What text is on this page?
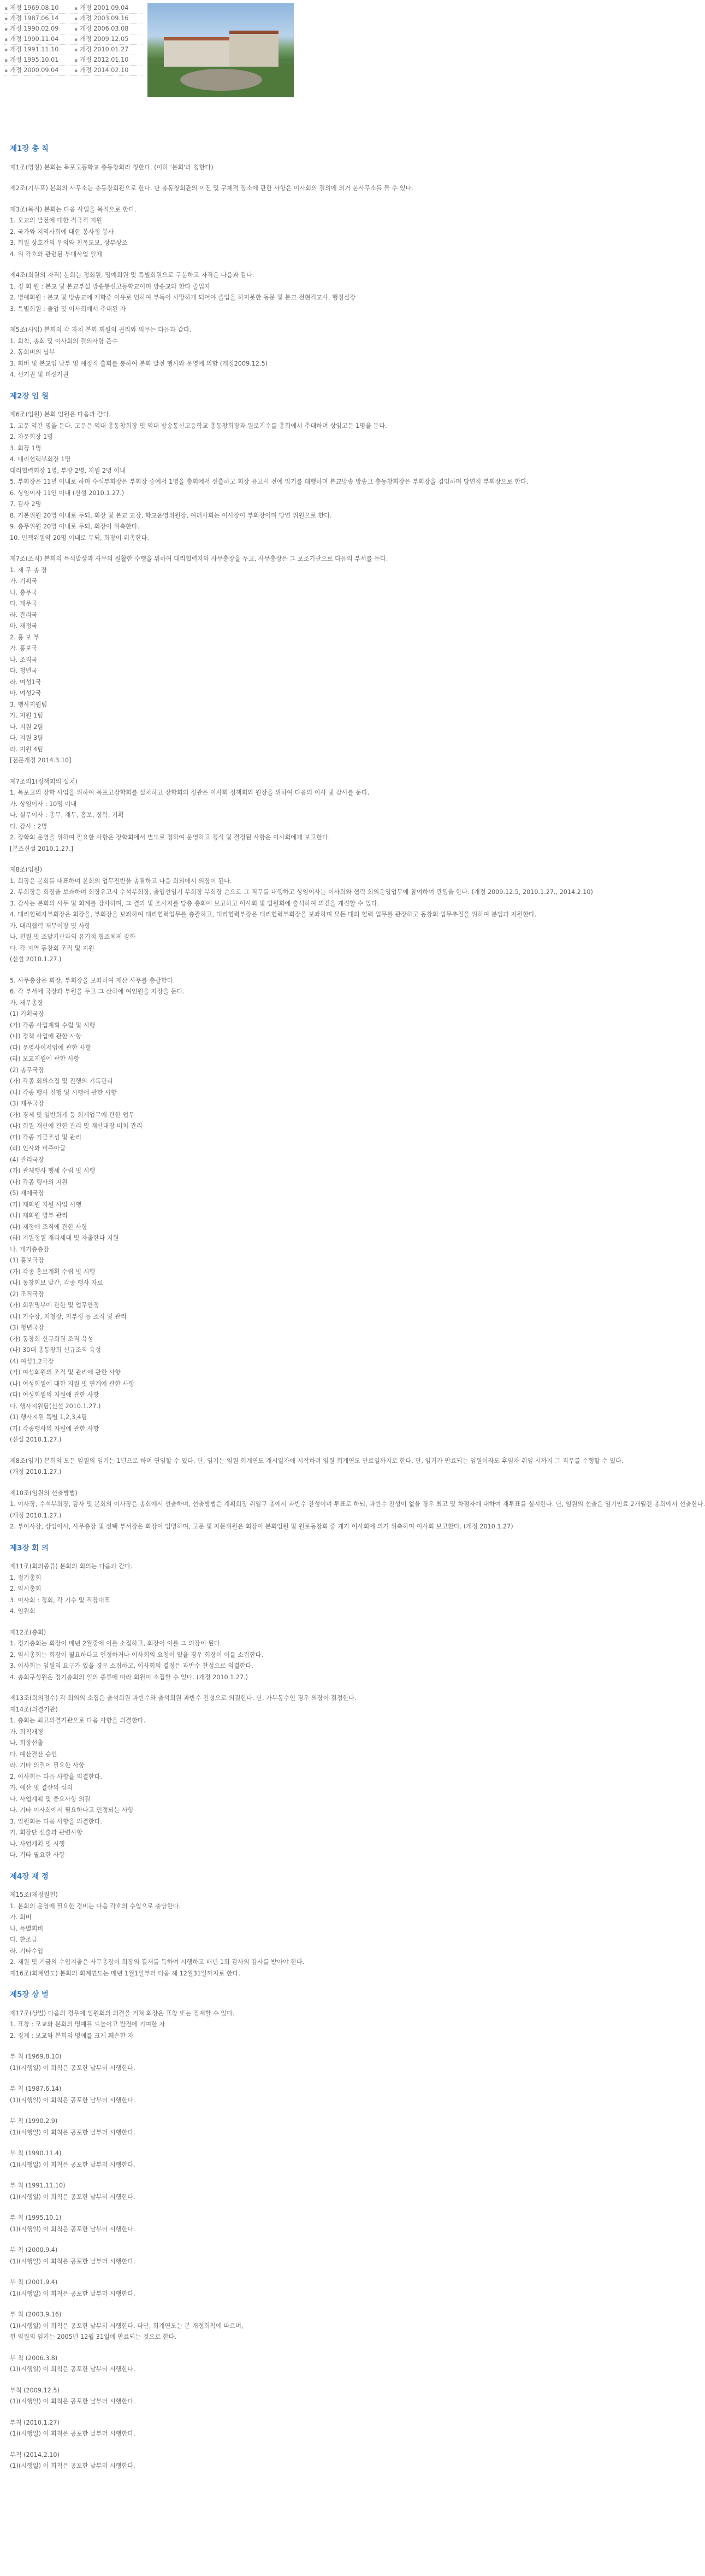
▪ 제정 1969.08.10
▪ 개정 1987.06.14
▪ 개정 1990.02.09
▪ 개정 1990.11.04
▪ 개정 1991.11.10
▪ 개정 1995.10.01
▪ 개정 2000.09.04
▪ 개정 2001.09.04
▪ 개정 2003.09.16
▪ 개정 2006.03.08
▪ 개정 2009.12.05
▪ 개정 2010.01.27
▪ 개정 2012.01.10
▪ 개정 2014.02.10
제1장 총 칙
제1조(명칭) 본회는 목포고등학교 총동창회라 칭한다. (이하 '본회'라 칭한다)
제2조(기부포) 본회의 사무소는 총동창회관으로 한다. 단 총동창회관의 이전 및 구체적 장소에 관한 사항은 이사회의 결의에 의거 본사무소를 둘 수 있다.
제3조(목적) 본회는 다음 사업을 목적으로 한다.
1. 모교의 발전에 대한 적극적 지원
2. 국가와 지역사회에 대한 봉사정 봉사
3. 회원 상호간의 우의와 친목도모, 상부상조
4. 위 각호와 관련된 부대사업 일체
제4조(회원의 자격) 본회는 정회원, 명예회원 및 특별회원으로 구분하고 자격은 다음과 같다.
1. 정 회 원 : 본교 및 본교부설 방송통신고등학교이며 방송교와 한다 졸업자
2. 명예회원 : 본교 및 방송교에 재학중 이유로 인하여 부득이 사망하게 되어야 졸업을 하지못한 동문 및 본교 전현직교사, 행정실장
3. 특별회원 : 졸업 및 이사회에서 추대된 자
제5조(사업) 본회의 각 자치 본회 회원의 권리와 의무는 다음과 같다.
1. 회칙, 총회 및 이사회의 결의사항 준수
2. 동회비의 납부
3. 회비 및 본교업 납부 및 예정적 출회를 통하여 본회 발전 행사와 운영에 의함 (개정2009.12.5)
4. 선거권 및 피선거권
제2장 임 원
제6조(임원) 본회 임원은 다음과 같다.
1. 고문 약간 명을 둔다. 고문은 역대 총동창회장 및 역대 방송통신고등학교 총동창회장과 원로기수를 총회에서 추대하며 상임고문 1명을 둔다.
2. 자문회장 1명
3. 회장 1명
4. 대리협력부회장 1명
대리협력회장 1명, 부장 2명, 지원 2명 이내
5. 부회장은 11년 이내로 하며 수석부회장은 부회장 중에서 1명을 총회에서 선출하고 회장 유고시 전에 임기를 대행하며 본교방송 방송고 총동창회장은 부회장을 겸임하며 당연직 부회장으로 한다.
6. 상임이사 11인 이내 (신설 2010.1.27.)
7. 감사 2명
8. 기본위원 20명 이내로 두되, 회장 및 본교 교장, 학교운영위원장, 여러사회는 이사장이 부회장이며 당연 위원으로 한다.
9. 총무위원 20명 이내로 두되, 회장이 위촉한다.
10. 민책위원약 20명 이내로 두되, 회장이 위촉한다.
제7조(조직) 본회의 특석발상과 사무의 원활한 수행을 위하여 대리협력자와 사무총장을 두고, 사무총장은 그 보조기관으로 다음의 부서를 둔다.
1. 재 무 총 장
가. 기획국
나. 총무국
다. 재무국
라. 관리국
마. 재정국
2. 홍 보 부
가. 홍보국
나. 조직국
다. 청년국
라. 여성1국
마. 여성2국
3. 행사지원팀
가. 지원 1팀
나. 지원 2팀
다. 지원 3팀
라. 지원 4팀
[전문개정 2014.3.10]
제7조의1(정책회의 설치)
1. 목포고의 장학 사업을 위하여 목포고장학회를 설치하고 장학회의 정관은 이사회 정책회와 원장을 위하여 다음의 이사 및 감사를 둔다.
가. 상임이사 : 10명 이내
나. 실무이사 : 총무, 재무, 홍보, 장학, 기획
다. 감사 : 2명
2. 장학회 운영을 위하여 필요한 사항은 장학회에서 별도로 정하여 운영하고 정식 및 결정된 사항은 이사회에게 보고한다.
[본조신설 2010.1.27.]
제8조(임원)
1. 회장은 본회를 대표하며 본회의 업무전반을 총괄하고 다음 회의에서 의장이 된다.
2. 부회장은 회장을 보좌하며 회장유고시 수석부회장, 출입선임기 부회장 부회장 순으로 그 직무를 대행하고 상임이사는 이사회와 협력 회의운영업무에 참여하여 관행을 한다. (개정 2009.12.5, 2010.1.27., 2014.2.10)
3. 감사는 본회의 사무 및 회계를 감사하며, 그 결과 및 조사지를 당총 총회에 보고하고 이사회 및 임원회에 출석하여 의견을 개진할 수 있다.
4. 대리협력자부회장은 회장을, 부회장을 보좌하여 대리협력업무를 총괄하고, 대리협력부장은 대리협력부회장을 보좌하며 모든 대외 협력 업무를 관장하고 동창회 업무추진을 위하여 분임과 지원한다.
가. 대리협력 재무이장 및 사항
나. 전원 및 조달기관과의 유기적 협조체제 강화
다. 각 지역 동창회 조직 및 지원
(신설 2010.1.27.)
5. 사무총장은 회장, 부회장을 보좌하여 재산 사무를 총괄한다.
6. 각 부서에 국장과 부원을 두고 그 산하에 여인원을 자장을 둔다.
가. 재무총장
(1) 기획국장
(가) 각종 사업계획 수립 및 시행
(나) 정책 사업에 관한 사항
(다) 운영사이서업에 관한 사항
(라) 모교지원에 관한 사항
(2) 총무국장
(가) 각종 회의소집 및 진행의 기록관리
(나) 각종 행사 진행 및 시행에 관한 사항
(3) 재무국장
(가) 경제 및 일반회계 등 회계업무에 관한 업무
(나) 회원 재산에 관한 관리 및 재산대장 비치 관리
(다) 각종 기금조성 및 관리
(라) 인사와 비주아급
(4) 관리국장
(가) 관제행사 행세 수립 및 시행
(나) 각종 행사의 지원
(5) 재에국장
(가) 재회원 지원 사업 시행
(나) 재회원 명부 관리
(다) 재정에 조직에 관한 사항
(라) 지원정원 재리세대 및 자출한다 지원
나. 재기총총장
(1) 홍보국장
(가) 각종 홍보계획 수립 및 시행
(나) 동창회보 발간, 각종 행사 자료
(2) 조직국장
(가) 회원명부에 관한 및 업무안정
(나) 기수장, 지청장, 지부정 등 조직 및 관리
(3) 청년국장
(가) 동창회 신규회원 조직 육성
(나) 30대 총동창회 신규조직 육성
(4) 여성1,2국장
(가) 여성회원의 조직 및 관리에 관한 사항
(나) 여성회원에 대한 지원 및 연계에 관한 사항
(다) 여성회원의 지원에 관한 사항
다. 행사지원팀(신설 2010.1.27.)
(1) 행사지원 특별 1,2,3,4팀
(가) 각종행사의 지원에 관한 사항
(신설 2010.1.27.)
제8조(임기) 본회의 모든 임원의 임기는 1년으로 하며 연임할 수 있다. 단, 임기는 임원 회계연도 개시일자에 시작하며 임원 회계연도 만료일까지로 한다. 단, 임기가 만료되는 임원이라도 후임자 취임 시까지 그 직무를 수행할 수 있다.
(개정 2010.1.27.)
제10조(임원의 선출방법)
1. 이사장, 수석부회장, 감사 및 본회의 이사장은 총회에서 선출하며, 선출방법은 계획회장 취임구 총에서 과반수 찬성이며 투표로 하되, 과반수 찬성이 없을 경우 최고 및 차점자에 대하여 재투표를 실시한다. 단, 임원의 선출은 임기만료 2개월전 총회에서 선출한다.
(개정 2010.1.27.)
2. 부이사장, 상임이사, 사무총장 및 선택 부서장은 회장이 임명하며, 고문 및 자문위원은 회장이 본회임원 및 원로동창회 중 개가 이사회에 의거 위촉하며 이사회 보고한다. (개정 2010.1.27)
제3장 회 의
제11조(회의종류) 본회의 회의는 다음과 같다.
1. 정기총회
2. 임시총회
3. 이사회 : 정회, 각 기수 및 직장대표
4. 임원회
제12조(총회)
1. 정기총회는 회장이 매년 2월중에 이를 소집하고, 회장이 이를 그 의장이 된다.
2. 임시총회는 회장이 필요하다고 인정하거나 이사회의 요청이 있을 경우 회장이 이를 소집한다.
3. 이사회는 임원의 요구가 있을 경우 소집하고, 이사회의 결정은 과반수 찬성으로 의결한다.
4. 총회구성원은 정기총회의 일의 종류에 따라 회원이 소집할 수 있다. (개정 2010.1.27.)
제13조(회의정수) 각 회의의 소집은 출석회원 과반수와 출석회원 과반수 찬성으로 의결한다. 단, 가부동수인 경우 의장이 결정한다.
제14조(의결기관)
1. 총회는 최고의결기관으로 다음 사항을 의결한다.
가. 회칙개정
나. 회장선출
다. 예산결산 승인
라. 기타 의결이 필요한 사항
2. 이사회는 다음 사항을 의결한다.
가. 예산 및 결산의 심의
나. 사업계획 및 중요사항 의결
다. 기타 이사회에서 필요하다고 인정되는 사항
3. 임원회는 다음 사항을 의결한다.
가. 회장단 선출과 관련사항
나. 사업계획 및 시행
다. 기타 필요한 사항
제4장 재 정
제15조(재정원천)
1. 본회의 운영에 필요한 경비는 다음 각호의 수입으로 충당한다.
가. 회비
나. 특별회비
다. 찬조금
라. 기타수입
2. 재원 및 기금의 수입지출은 사무총장이 회장의 결재를 득하여 시행하고 매년 1회 감사의 감사를 받아야 한다.
제16조(회계연도) 본회의 회계연도는 매년 1월1일부터 다음 해 12월31일까지로 한다.
제5장 상 벌
제17조(상벌) 다음의 경우에 임원회의 의결을 거쳐 회장은 표창 또는 징계할 수 있다.
1. 표창 : 모교와 본회의 명예를 드높이고 발전에 기여한 자
2. 징계 : 모교와 본회의 명예를 크게 훼손한 자
부 칙 (1969.8.10)
(1)(시행일) 이 회칙은 공포한 날부터 시행한다.
부 칙 (1987.6.14)
(1)(시행일) 이 회칙은 공포한 날부터 시행한다.
부 칙 (1990.2.9)
(1)(시행일) 이 회칙은 공포한 날부터 시행한다.
부 칙 (1990.11.4)
(1)(시행일) 이 회칙은 공포한 날부터 시행한다.
부 칙 (1991.11.10)
(1)(시행일) 이 회칙은 공포한 날부터 시행한다.
부 칙 (1995.10.1)
(1)(시행일) 이 회칙은 공포한 날부터 시행한다.
부 칙 (2000.9.4)
(1)(시행일) 이 회칙은 공포한 날부터 시행한다.
부 칙 (2001.9.4)
(1)(시행일) 이 회칙은 공포한 날부터 시행한다.
부 칙 (2003.9.16)
(1)(시행일) 이 회칙은 공포한 날부터 시행한다. 다만, 회계연도는 본 개정회칙에 따르며,
현 임원의 임기는 2005년 12월 31일에 만료되는 것으로 한다.
부 칙 (2006.3.8)
(1)(시행일) 이 회칙은 공포한 날부터 시행한다.
부칙 (2009.12.5)
(1)(시행일) 이 회칙은 공포한 날부터 시행한다.
부칙 (2010.1.27)
(1)(시행일) 이 회칙은 공포한 날부터 시행한다.
부칙 (2014.2.10)
(1)(시행일) 이 회칙은 공포한 날부터 시행한다.
